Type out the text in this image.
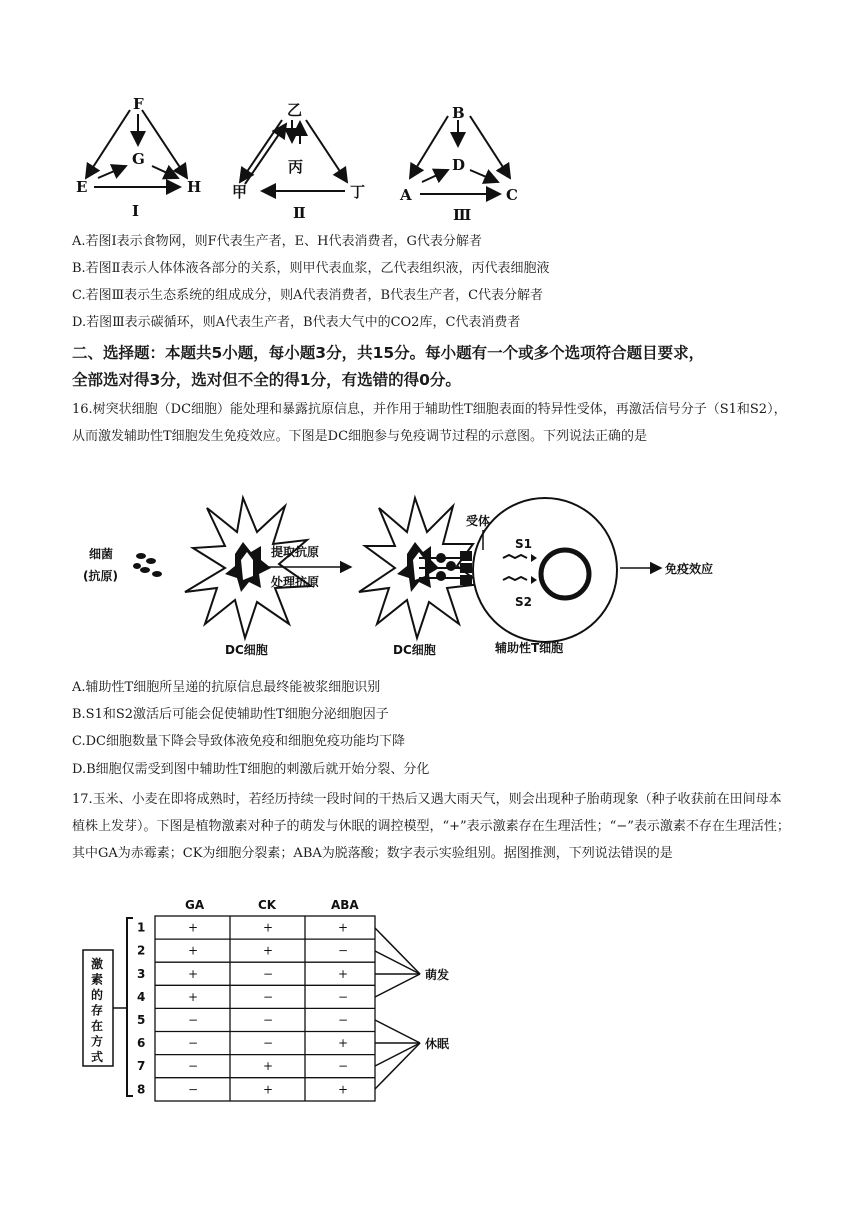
F
G
E	H
Ⅰ
乙
丙
甲	丁
Ⅱ
B
D
A	C
Ⅲ
A.若图Ⅰ表示食物网，则F代表生产者，E、H代表消费者，G代表分解者
B.若图Ⅱ表示人体体液各部分的关系，则甲代表血浆，乙代表组织液，丙代表细胞液
C.若图Ⅲ表示生态系统的组成成分，则A代表消费者，B代表生产者，C代表分解者
D.若图Ⅲ表示碳循环，则A代表生产者，B代表大气中的CO2库，C代表消费者
二、选择题：本题共5小题，每小题3分，共15分。每小题有一个或多个选项符合题目要求，
全部选对得3分，选对但不全的得1分，有选错的得0分。
16.树突状细胞（DC细胞）能处理和暴露抗原信息，并作用于辅助性T细胞表面的特异性受体，再激活信号分子（S1和S2），从而激发辅助性T细胞发生免疫效应。下图是DC细胞参与免疫调节过程的示意图。下列说法正确的是
细菌
(抗原)
DC细胞
提取抗原
处理抗原
DC细胞
受体
S1
S2
辅助性T细胞
免疫效应
A.辅助性T细胞所呈递的抗原信息最终能被浆细胞识别
B.S1和S2激活后可能会促使辅助性T细胞分泌细胞因子
C.DC细胞数量下降会导致体液免疫和细胞免疫功能均下降
D.B细胞仅需受到图中辅助性T细胞的刺激后就开始分裂、分化
17.玉米、小麦在即将成熟时，若经历持续一段时间的干热后又遇大雨天气，则会出现种子胎萌现象（种子收获前在田间母本植株上发芽）。下图是植物激素对种子的萌发与休眠的调控模型，“+”表示激素存在生理活性；“−”表示激素不存在生理活性；其中GA为赤霉素；CK为细胞分裂素；ABA为脱落酸；数字表示实验组别。据图推测，下列说法错误的是
激
素
的
存
在
方
式
GA	CK	ABA
1	+	+	+
2	+	+	−
3	+	−	+
4	+	−	−
5	−	−	−
6	−	−	+
7	−	+	−
8	−	+	+
萌发
休眠
